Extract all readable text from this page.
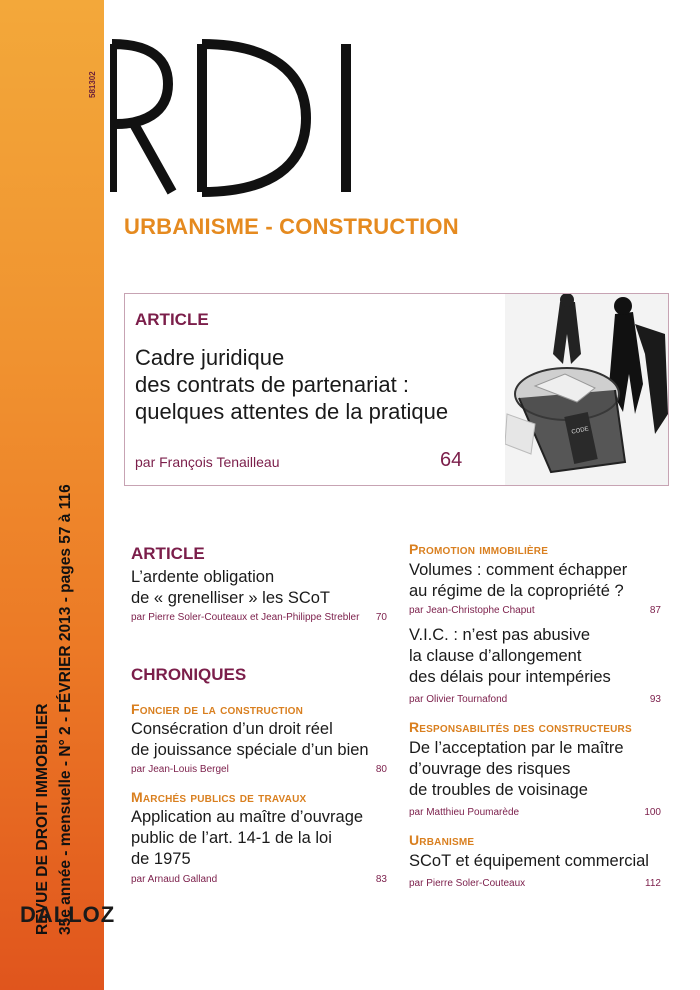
REVUE DE DROIT IMMOBILIER 35e année - mensuelle - N° 2 - FÉVRIER 2013 - pages 57 à 116
581302
URBANISME - CONSTRUCTION
ARTICLE
Cadre juridique
des contrats de partenariat :
quelques attentes de la pratique
par François Tenailleau	64
CODE
ARTICLE
L’ardente obligation
de « grenelliser » les SCoT
par Pierre Soler-Couteaux et Jean-Philippe Strebler 70
CHRONIQUES
Foncier de la construction
Consécration d’un droit réel
de jouissance spéciale d’un bien
par Jean-Louis Bergel	80
Marchés publics de travaux
Application au maître d’ouvrage
public de l’art. 14-1 de la loi
de 1975
par Arnaud Galland	83
Promotion immobilière
Volumes : comment échapper
au régime de la copropriété ?
par Jean-Christophe Chaput	87
V.I.C. : n’est pas abusive
la clause d’allongement
des délais pour intempéries
par Olivier Tournafond	93
Responsabilités des constructeurs
De l’acceptation par le maître
d’ouvrage des risques
de troubles de voisinage
par Matthieu Poumarède	100
Urbanisme
SCoT et équipement commercial
par Pierre Soler-Couteaux	112
DALLOZ
